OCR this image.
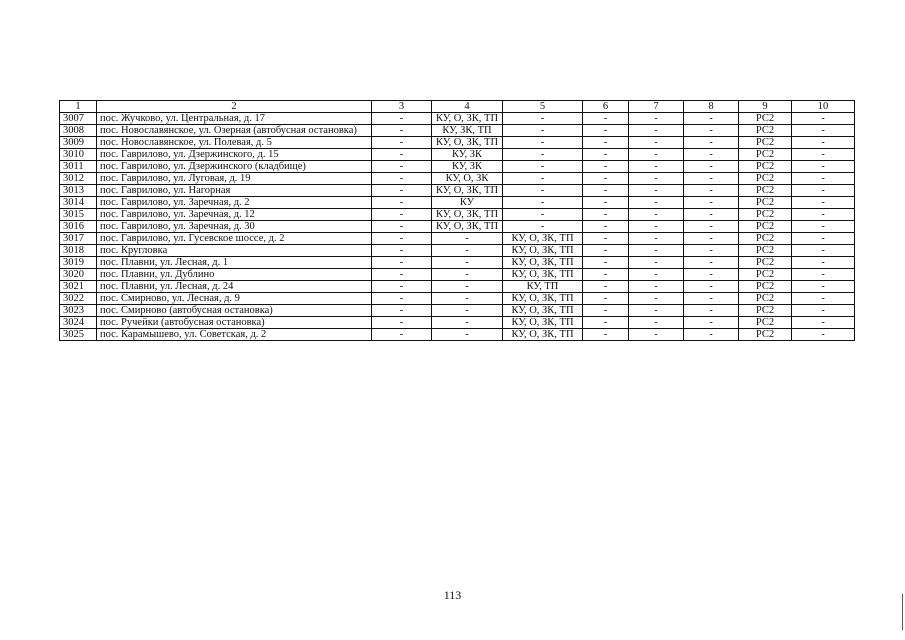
1	2	3	4	5	6	7	8	9	10
3007	пос. Жучково, ул. Центральная, д. 17	-	КУ, О, ЗК, ТП	-	-	-	-	РС2	-
3008	пос. Новославянское, ул. Озерная (автобусная остановка)	-	КУ, ЗК, ТП	-	-	-	-	РС2	-
3009	пос. Новославянское, ул. Полевая, д. 5	-	КУ, О, ЗК, ТП	-	-	-	-	РС2	-
3010	пос. Гаврилово, ул. Дзержинского, д. 15	-	КУ, ЗК	-	-	-	-	РС2	-
3011	пос. Гаврилово, ул. Дзержинского (кладбище)	-	КУ, ЗК	-	-	-	-	РС2	-
3012	пос. Гаврилово, ул. Луговая, д. 19	-	КУ, О, ЗК	-	-	-	-	РС2	-
3013	пос. Гаврилово, ул. Нагорная	-	КУ, О, ЗК, ТП	-	-	-	-	РС2	-
3014	пос. Гаврилово, ул. Заречная, д. 2	-	КУ	-	-	-	-	РС2	-
3015	пос. Гаврилово, ул. Заречная, д. 12	-	КУ, О, ЗК, ТП	-	-	-	-	РС2	-
3016	пос. Гаврилово, ул. Заречная, д. 30	-	КУ, О, ЗК, ТП	-	-	-	-	РС2	-
3017	пос. Гаврилово, ул. Гусевское шоссе, д. 2	-	-	КУ, О, ЗК, ТП	-	-	-	РС2	-
3018	пос. Кругловка	-	-	КУ, О, ЗК, ТП	-	-	-	РС2	-
3019	пос. Плавни, ул. Лесная, д. 1	-	-	КУ, О, ЗК, ТП	-	-	-	РС2	-
3020	пос. Плавни, ул. Дублино	-	-	КУ, О, ЗК, ТП	-	-	-	РС2	-
3021	пос. Плавни, ул. Лесная, д. 24	-	-	КУ, ТП	-	-	-	РС2	-
3022	пос. Смирново, ул. Лесная, д. 9	-	-	КУ, О, ЗК, ТП	-	-	-	РС2	-
3023	пос. Смирново (автобусная остановка)	-	-	КУ, О, ЗК, ТП	-	-	-	РС2	-
3024	пос. Ручейки (автобусная остановка)	-	-	КУ, О, ЗК, ТП	-	-	-	РС2	-
3025	пос. Карамышево, ул. Советская, д. 2	-	-	КУ, О, ЗК, ТП	-	-	-	РС2	-
113
